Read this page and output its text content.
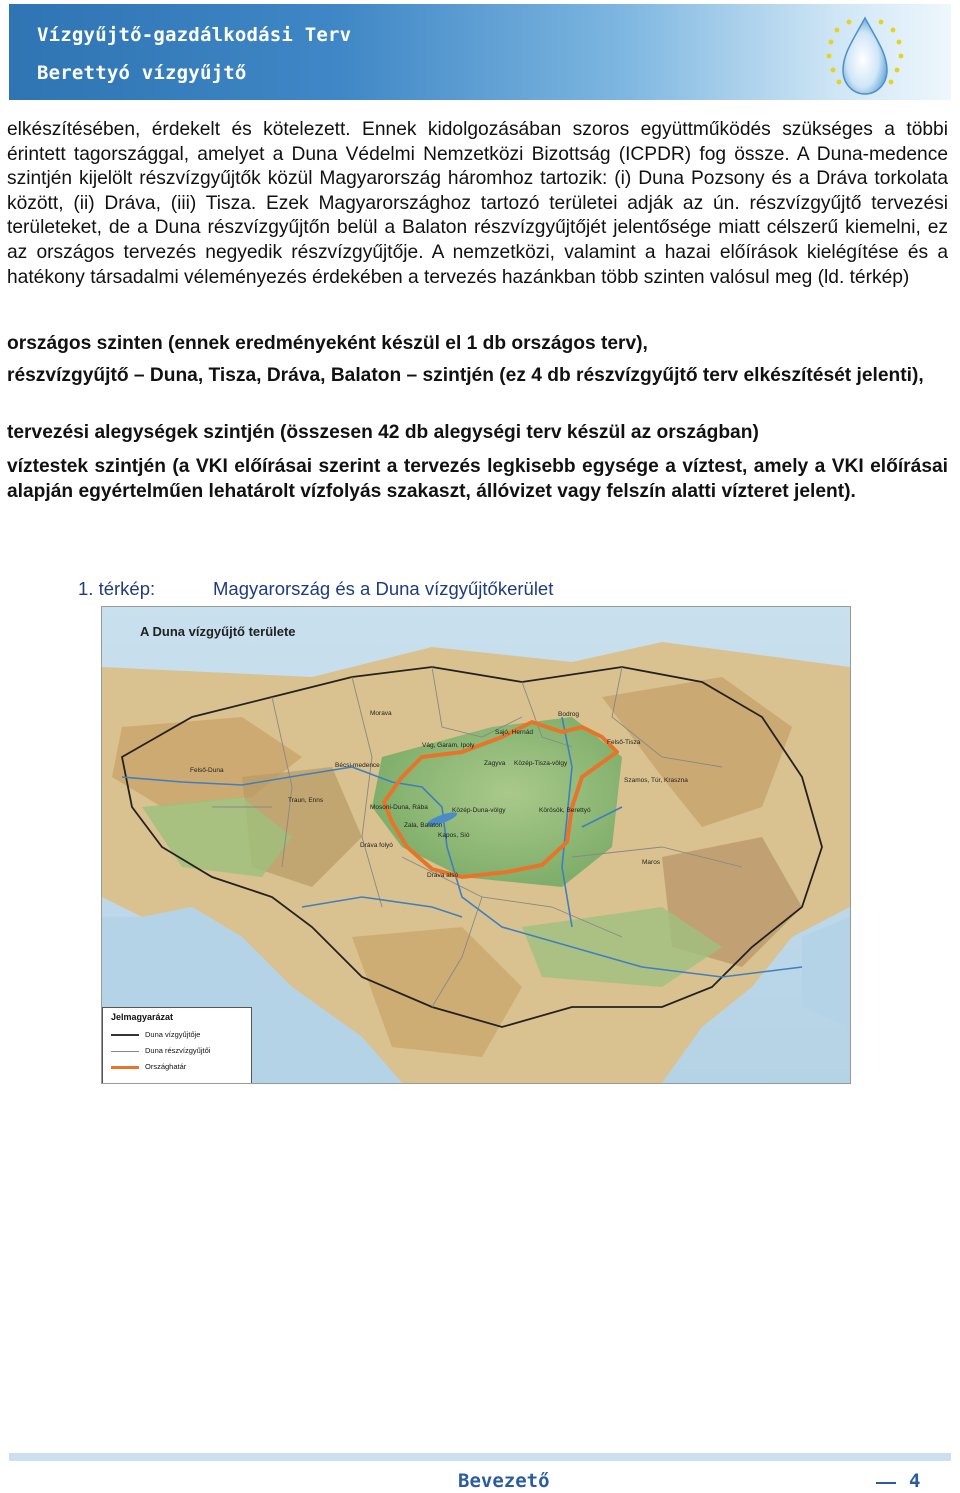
Vízgyűjtő-gazdálkodási Terv
Berettyó vízgyűjtő
elkészítésében, érdekelt és kötelezett. Ennek kidolgozásában szoros együttműködés szükséges a többi érintett tagországgal, amelyet a Duna Védelmi Nemzetközi Bizottság (ICPDR) fog össze. A Duna-medence szintjén kijelölt részvízgyűjtők közül Magyarország háromhoz tartozik: (i) Duna Pozsony és a Dráva torkolata között, (ii) Dráva, (iii) Tisza. Ezek Magyarországhoz tartozó területei adják az ún. részvízgyűjtő tervezési területeket, de a Duna részvízgyűjtőn belül a Balaton részvízgyűjtőjét jelentősége miatt célszerű kiemelni, ez az országos tervezés negyedik részvízgyűjtője. A nemzetközi, valamint a hazai előírások kielégítése és a hatékony társadalmi véleményezés érdekében a tervezés hazánkban több szinten valósul meg (ld. térkép)
országos szinten (ennek eredményeként készül el 1 db országos terv),
részvízgyűjtő – Duna, Tisza, Dráva, Balaton – szintjén (ez 4 db részvízgyűjtő terv elkészítését jelenti),
tervezési alegységek szintjén (összesen 42 db alegységi terv készül az országban)
víztestek szintjén (a VKI előírásai szerint a tervezés legkisebb egysége a víztest, amely a VKI előírásai alapján egyértelműen lehatárolt vízfolyás szakaszt, állóvizet vagy felszín alatti vízteret jelent).
1. térkép:	Magyarország és a Duna vízgyűjtőkerület
A Duna vízgyűjtő területe
Morava	Bodrog
Sajó, Hernád
Felső-Tisza
Vág, Garam, Ipoly
Felső-Duna
Bécsi-medence	Zagyva Közép-Tisza-völgy
Szamos, Túr, Kraszna
Traun, Enns
Mosoni-Duna, Rába	Közép-Duna-völgy	Körösök, Berettyó
Zala, Balaton
Kapos, Sió
Dráva folyó
Maros
Dráva alsó
Jelmagyarázat
Duna vízgyűjtője
Duna részvízgyűjtői
Országhatár
Bevezető	4
